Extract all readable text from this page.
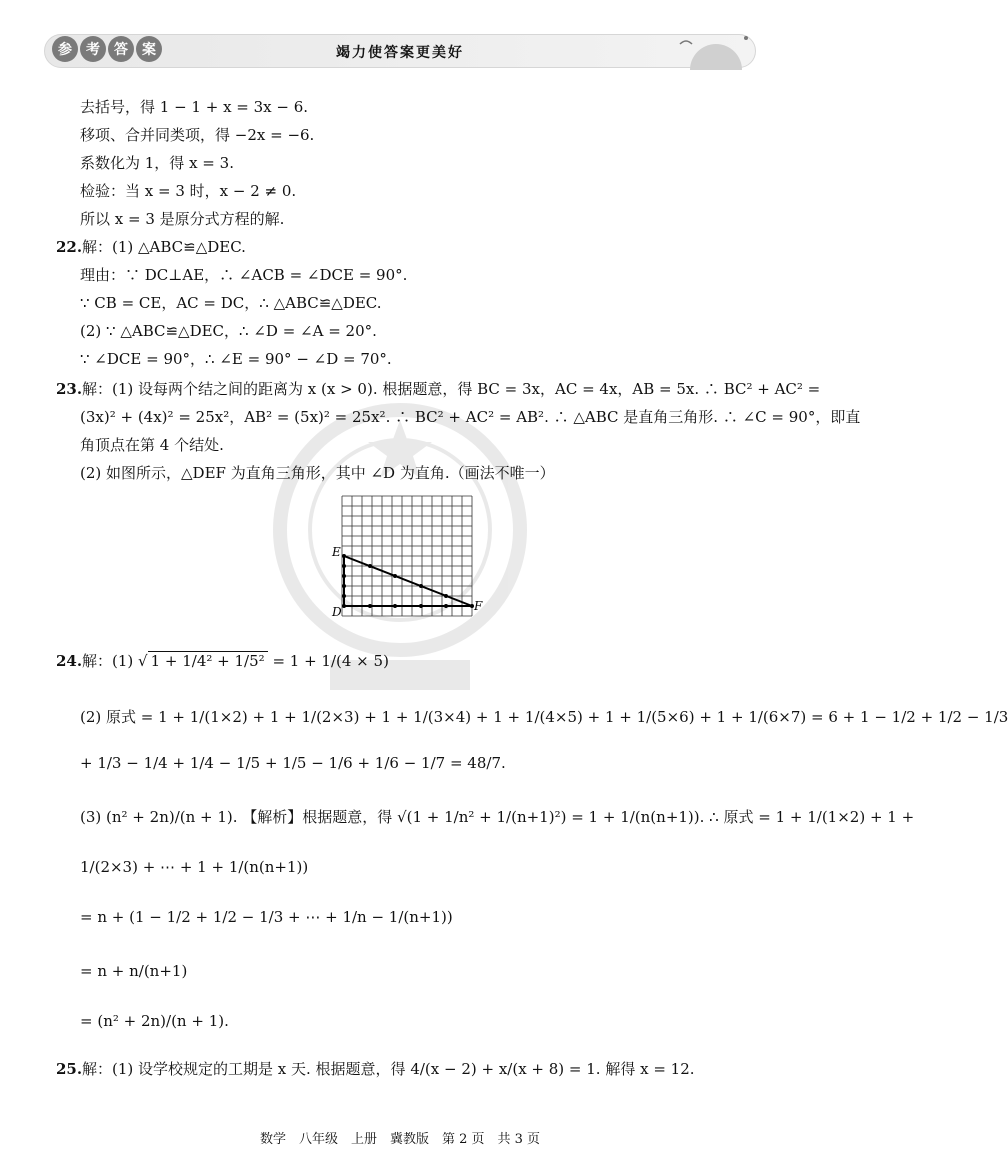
参	考	答	案	竭力使答案更美好
去括号，得 1 − 1 + x = 3x − 6.
移项、合并同类项，得 −2x = −6.
系数化为 1，得 x = 3.
检验：当 x = 3 时，x − 2 ≠ 0.
所以 x = 3 是原分式方程的解.
22. 解：(1) △ABC≌△DEC.
理由：∵ DC⊥AE，∴ ∠ACB = ∠DCE = 90°.
∵ CB = CE，AC = DC，∴ △ABC≌△DEC.
(2) ∵ △ABC≌△DEC，∴ ∠D = ∠A = 20°.
∵ ∠DCE = 90°，∴ ∠E = 90° − ∠D = 70°.
23. 解：(1) 设每两个结之间的距离为 x (x > 0). 根据题意，得 BC = 3x，AC = 4x，AB = 5x. ∴ BC² + AC² =
(3x)² + (4x)² = 25x²，AB² = (5x)² = 25x². ∴ BC² + AC² = AB². ∴ △ABC 是直角三角形. ∴ ∠C = 90°，即直
角顶点在第 4 个结处.
(2) 如图所示，△DEF 为直角三角形，其中 ∠D 为直角.（画法不唯一）
E
D	F
24. 解：(1) √ 1 + 1/4² + 1/5² = 1 + 1/(4 × 5)
(2) 原式 = 1 + 1/(1×2) + 1 + 1/(2×3) + 1 + 1/(3×4) + 1 + 1/(4×5) + 1 + 1/(5×6) + 1 + 1/(6×7) = 6 + 1 − 1/2 + 1/2 − 1/3
+ 1/3 − 1/4 + 1/4 − 1/5 + 1/5 − 1/6 + 1/6 − 1/7 = 48/7.
(3) (n² + 2n)/(n + 1). 【解析】根据题意，得 √(1 + 1/n² + 1/(n+1)²) = 1 + 1/(n(n+1)). ∴ 原式 = 1 + 1/(1×2) + 1 +
1/(2×3) + ⋯ + 1 + 1/(n(n+1))
= n + (1 − 1/2 + 1/2 − 1/3 + ⋯ + 1/n − 1/(n+1))
= n + n/(n+1)
= (n² + 2n)/(n + 1).
25. 解：(1) 设学校规定的工期是 x 天. 根据题意，得 4/(x − 2) + x/(x + 8) = 1. 解得 x = 12.
数学　八年级　上册　冀教版　第 2 页　共 3 页
